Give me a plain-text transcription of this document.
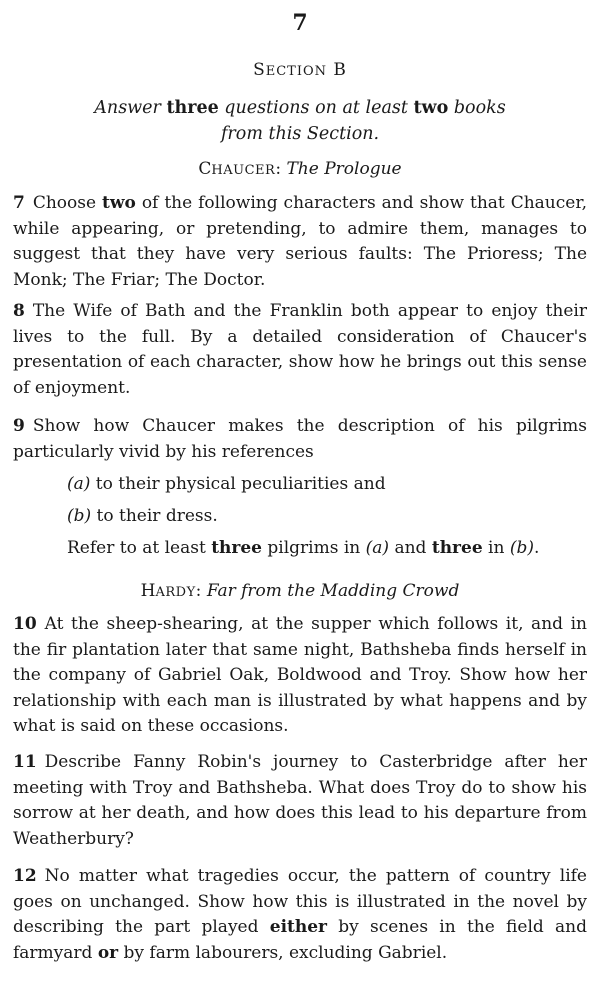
7
SECTION B
Answer three questions on at least two books
from this Section.
CHAUCER: The Prologue
7 Choose two of the following characters and show that Chaucer, while appearing, or pretending, to admire them, manages to suggest that they have very serious faults: The Prioress; The Monk; The Friar; The Doctor.
8 The Wife of Bath and the Franklin both appear to enjoy their lives to the full. By a detailed consideration of Chaucer's presentation of each character, show how he brings out this sense of enjoyment.
9 Show how Chaucer makes the description of his pilgrims particularly vivid by his references
(a) to their physical peculiarities and
(b) to their dress.
Refer to at least three pilgrims in (a) and three in (b).
HARDY: Far from the Madding Crowd
10 At the sheep-shearing, at the supper which follows it, and in the fir plantation later that same night, Bathsheba finds herself in the company of Gabriel Oak, Boldwood and Troy. Show how her relationship with each man is illustrated by what happens and by what is said on these occasions.
11 Describe Fanny Robin's journey to Casterbridge after her meeting with Troy and Bathsheba. What does Troy do to show his sorrow at her death, and how does this lead to his departure from Weatherbury?
12 No matter what tragedies occur, the pattern of country life goes on unchanged. Show how this is illustrated in the novel by describing the part played either by scenes in the field and farmyard or by farm labourers, excluding Gabriel.
